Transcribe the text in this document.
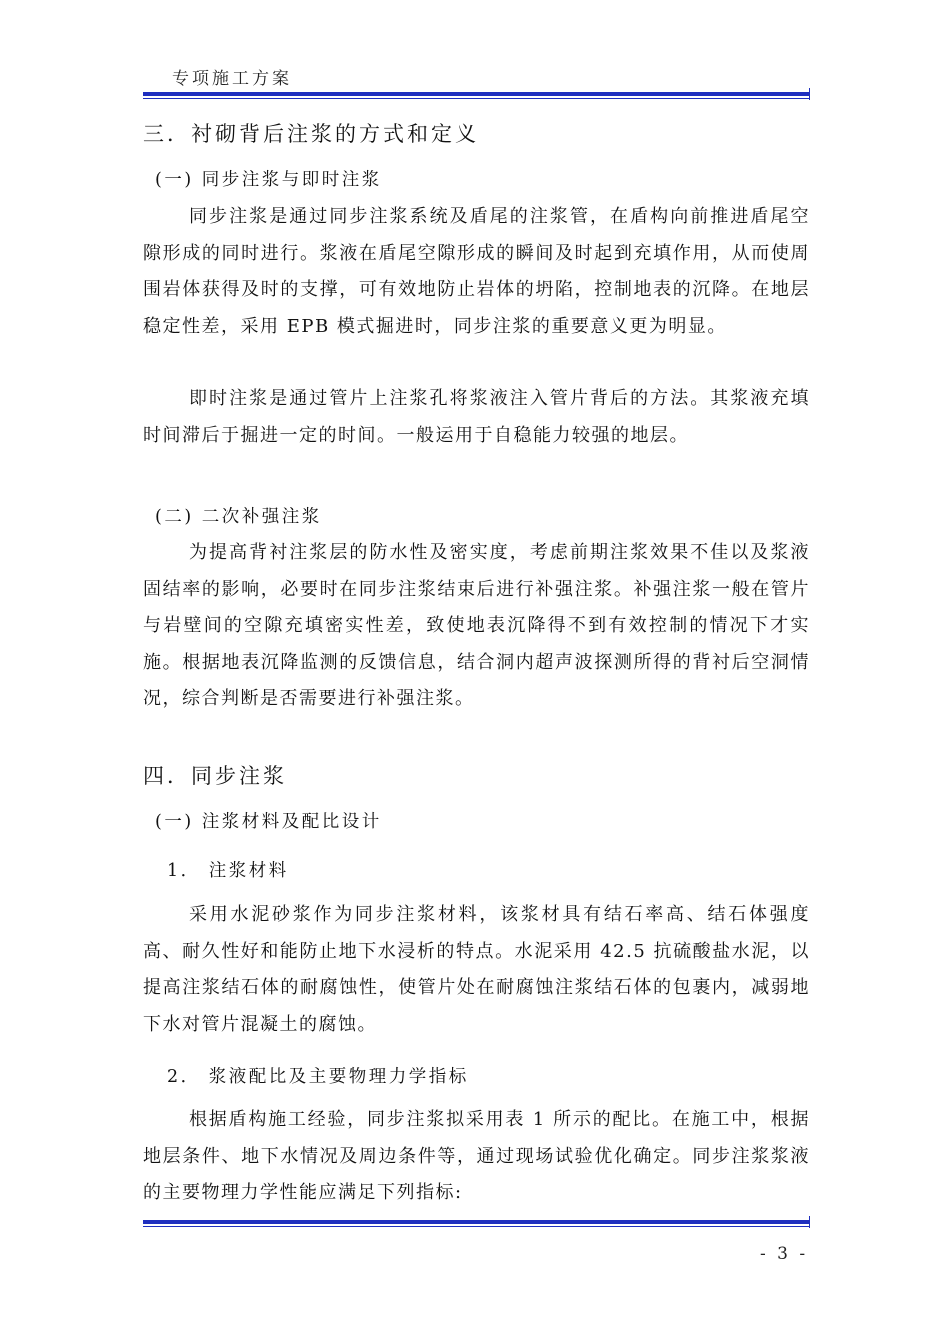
专项施工方案
三．衬砌背后注浆的方式和定义
(一) 同步注浆与即时注浆
同步注浆是通过同步注浆系统及盾尾的注浆管，在盾构向前推进盾尾空隙形成的同时进行。浆液在盾尾空隙形成的瞬间及时起到充填作用，从而使周围岩体获得及时的支撑，可有效地防止岩体的坍陷，控制地表的沉降。在地层稳定性差，采用 EPB 模式掘进时，同步注浆的重要意义更为明显。
即时注浆是通过管片上注浆孔将浆液注入管片背后的方法。其浆液充填时间滞后于掘进一定的时间。一般运用于自稳能力较强的地层。
(二) 二次补强注浆
为提高背衬注浆层的防水性及密实度，考虑前期注浆效果不佳以及浆液固结率的影响，必要时在同步注浆结束后进行补强注浆。补强注浆一般在管片与岩壁间的空隙充填密实性差，致使地表沉降得不到有效控制的情况下才实施。根据地表沉降监测的反馈信息，结合洞内超声波探测所得的背衬后空洞情况，综合判断是否需要进行补强注浆。
四．同步注浆
(一) 注浆材料及配比设计
1． 注浆材料
采用水泥砂浆作为同步注浆材料，该浆材具有结石率高、结石体强度高、耐久性好和能防止地下水浸析的特点。水泥采用 42.5 抗硫酸盐水泥，以提高注浆结石体的耐腐蚀性，使管片处在耐腐蚀注浆结石体的包裹内，减弱地下水对管片混凝土的腐蚀。
2． 浆液配比及主要物理力学指标
根据盾构施工经验，同步注浆拟采用表 1 所示的配比。在施工中，根据地层条件、地下水情况及周边条件等，通过现场试验优化确定。同步注浆浆液的主要物理力学性能应满足下列指标:
- 3 -
